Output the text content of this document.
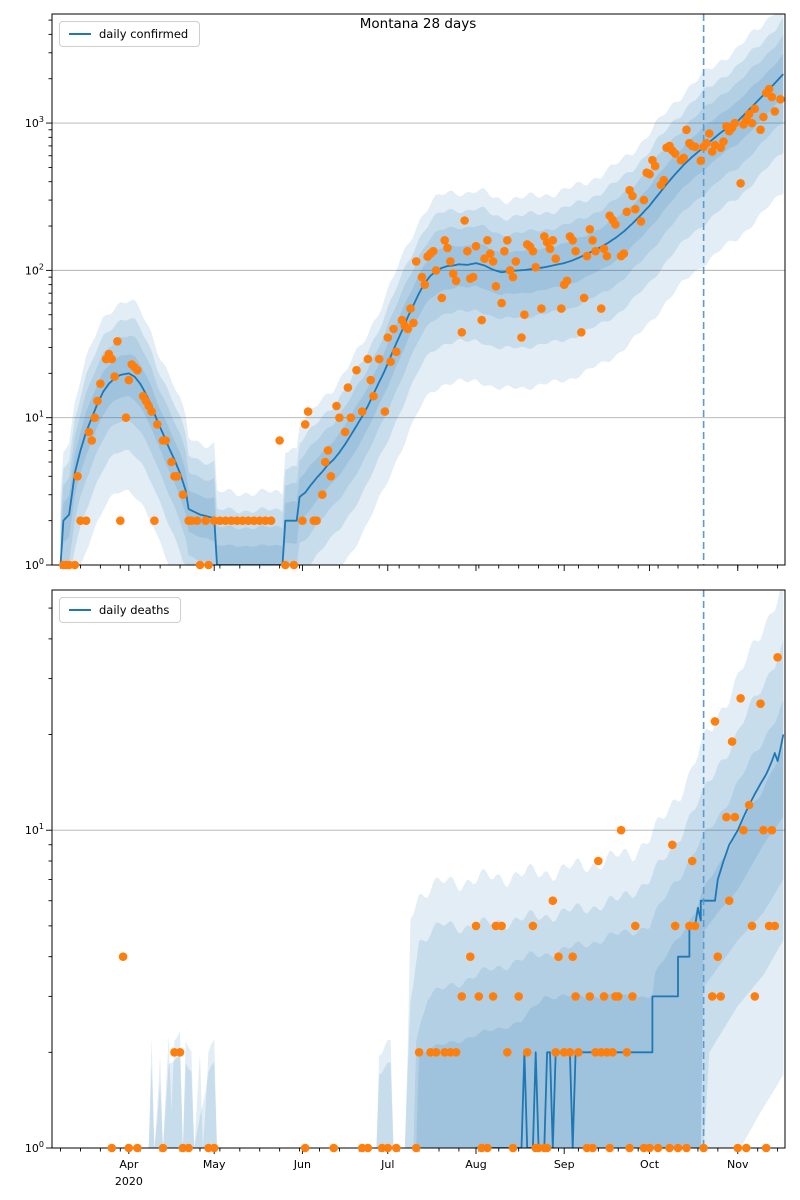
$10^0$
$10^1$
$10^2$
$10^3$
Apr
2020
May	Jun	Jul	Aug	Sep	Oct	Nov
$10^0$
$10^1$
Montana 28 days
daily confirmed
daily deaths
